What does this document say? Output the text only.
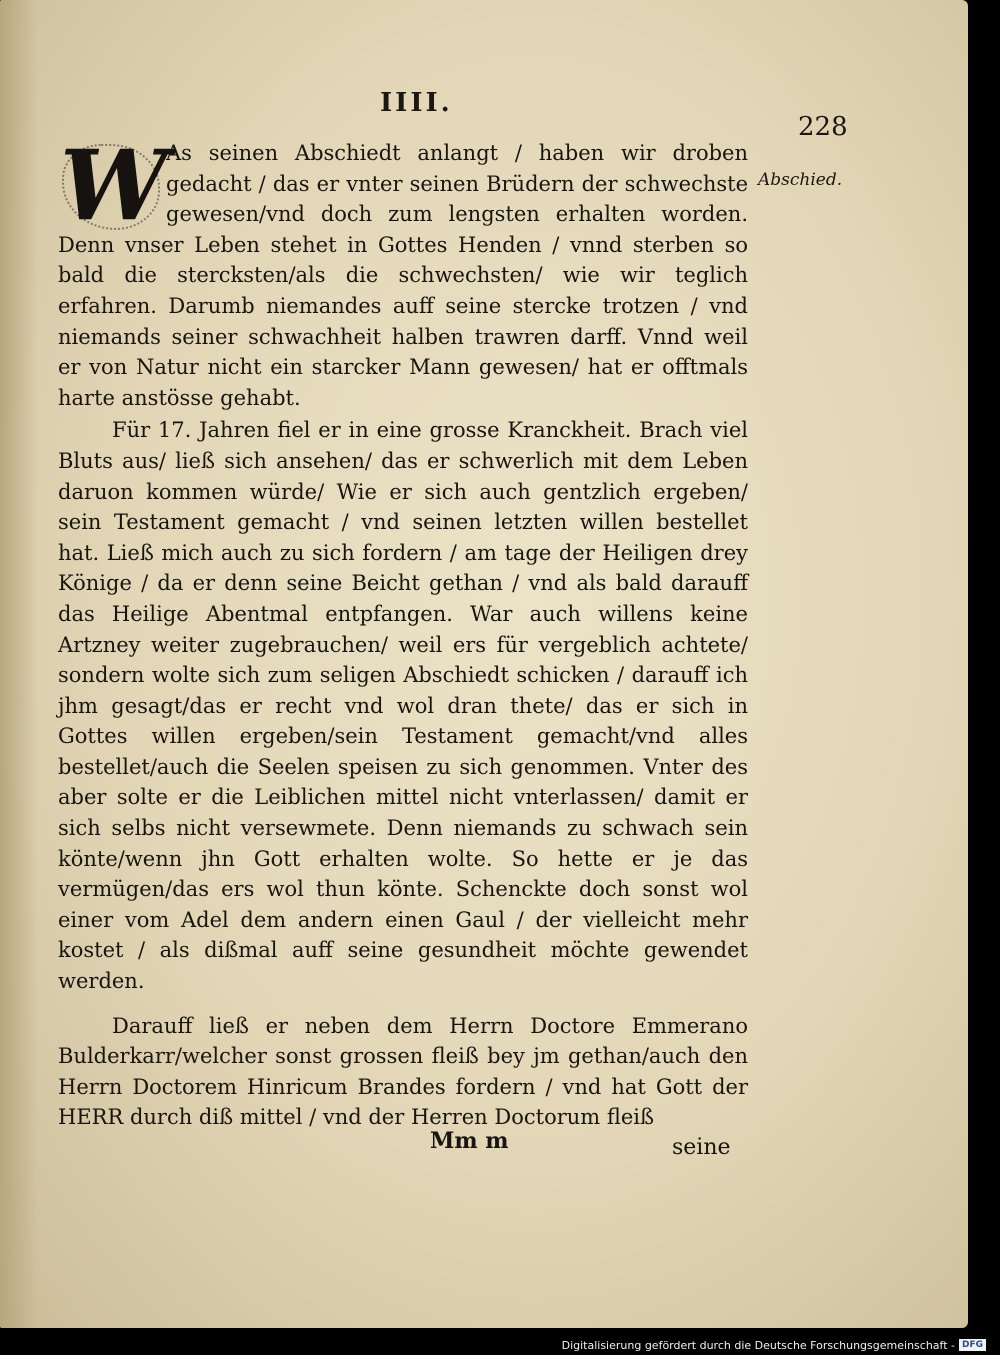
IIII.
228
Abschied.
W

As seinen Abschiedt anlangt / haben wir droben gedacht / das er vnter seinen Brüdern der schwechste gewesen/vnd doch zum lengsten erhalten worden. Denn vnser Leben stehet in Gottes Henden / vnnd sterben so bald die stercksten/als die schwechsten/ wie wir teglich erfahren. Darumb niemandes auff seine stercke trotzen / vnd niemands seiner schwachheit halben trawren darff. Vnnd weil er von Natur nicht ein starcker Mann gewesen/ hat er offtmals harte anstösse gehabt.

Für 17. Jahren fiel er in eine grosse Kranckheit. Brach viel Bluts aus/ ließ sich ansehen/ das er schwerlich mit dem Leben daruon kommen würde/ Wie er sich auch gentzlich ergeben/ sein Testament gemacht / vnd seinen letzten willen bestellet hat. Ließ mich auch zu sich fordern / am tage der Heiligen drey Könige / da er denn seine Beicht gethan / vnd als bald darauff das Heilige Abentmal entpfangen. War auch willens keine Artzney weiter zugebrauchen/ weil ers für vergeblich achtete/ sondern wolte sich zum seligen Abschiedt schicken / darauff ich jhm gesagt/das er recht vnd wol dran thete/ das er sich in Gottes willen ergeben/sein Testament gemacht/vnd alles bestellet/auch die Seelen speisen zu sich genommen. Vnter des aber solte er die Leiblichen mittel nicht vnterlassen/ damit er sich selbs nicht versewmete. Denn niemands zu schwach sein könte/wenn jhn Gott erhalten wolte. So hette er je das vermügen/das ers wol thun könte. Schenckte doch sonst wol einer vom Adel dem andern einen Gaul / der vielleicht mehr kostet / als dißmal auff seine gesundheit möchte gewendet werden.

Darauff ließ er neben dem Herrn Doctore Emmerano Bulderkarr/welcher sonst grossen fleiß bey jm gethan/auch den Herrn Doctorem Hinricum Brandes fordern / vnd hat Gott der HERR durch diß mittel / vnd der Herren Doctorum fleiß

Mm m	seine
Digitalisierung gefördert durch die Deutsche Forschungsgemeinschaft - DFG
